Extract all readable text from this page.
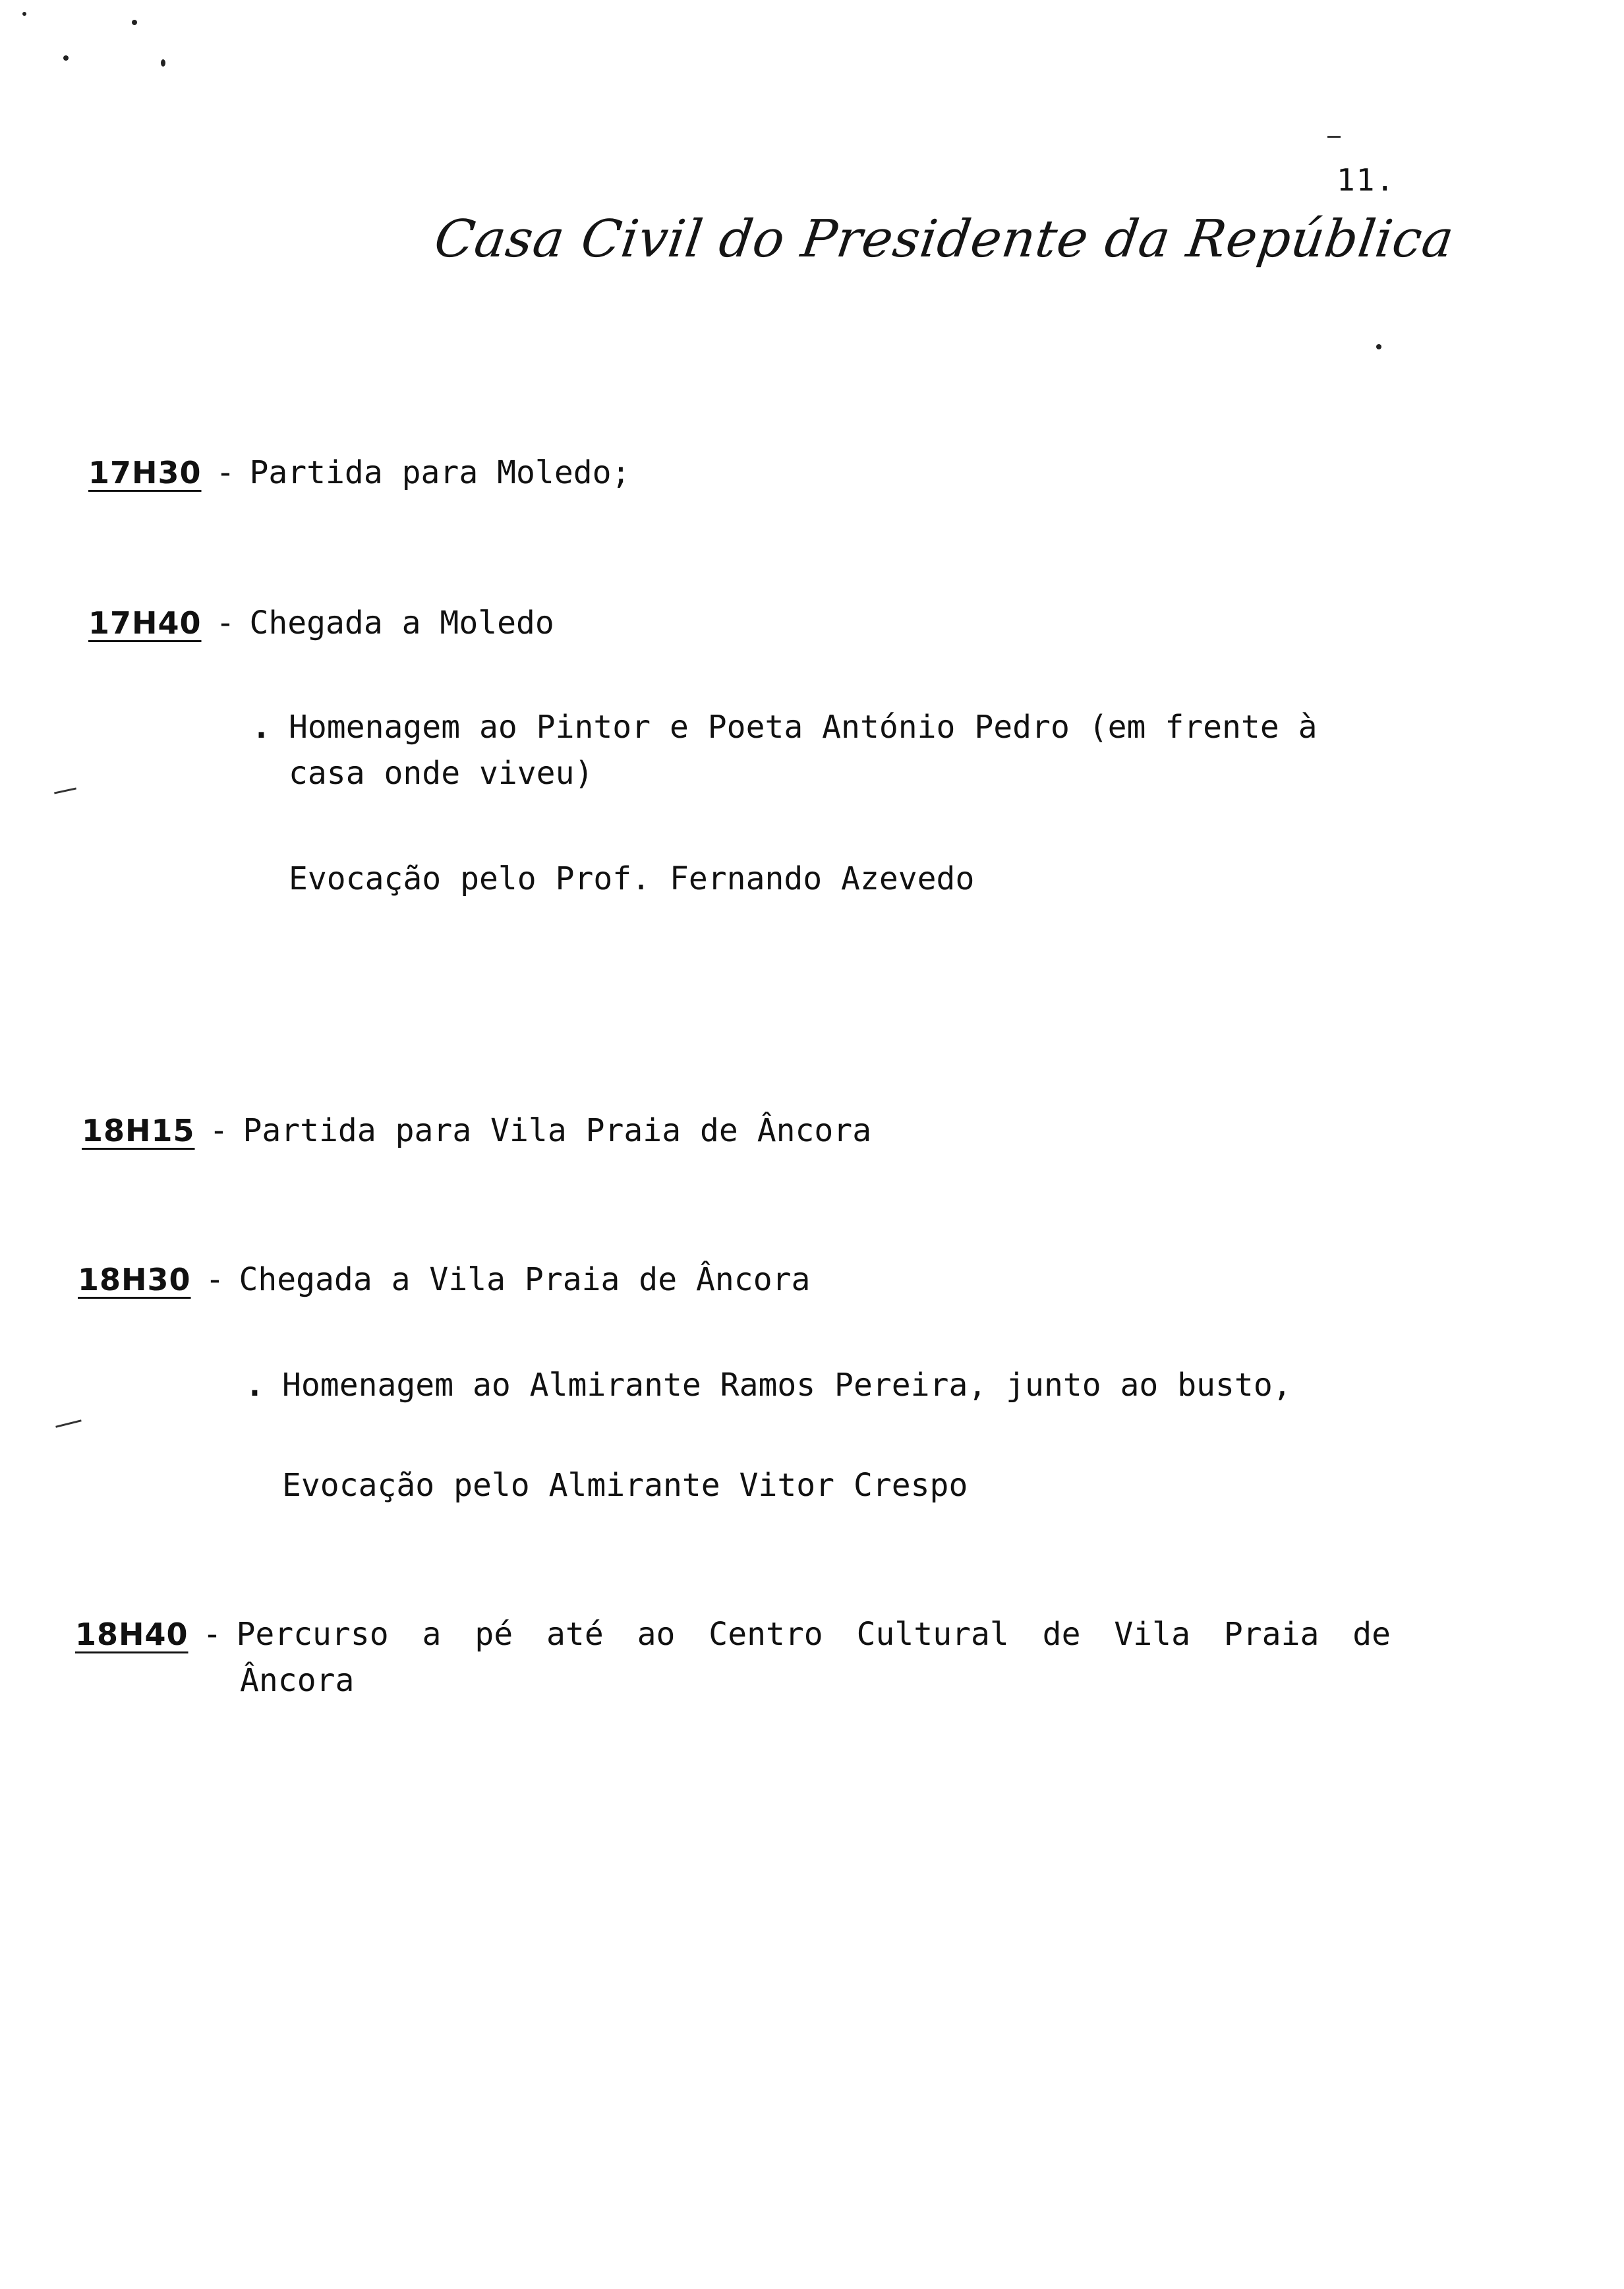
11.
Casa Civil do Presidente da República
17H30 - Partida para Moledo;
17H40 - Chegada a Moledo
. Homenagem ao Pintor e Poeta António Pedro (em frente à
casa onde viveu)
Evocação pelo Prof. Fernando Azevedo
18H15 - Partida para Vila Praia de Âncora
18H30 - Chegada a Vila Praia de Âncora
. Homenagem ao Almirante Ramos Pereira, junto ao busto,
Evocação pelo Almirante Vitor Crespo
18H40 - Percurso a pé até ao Centro Cultural de Vila Praia de
Âncora
